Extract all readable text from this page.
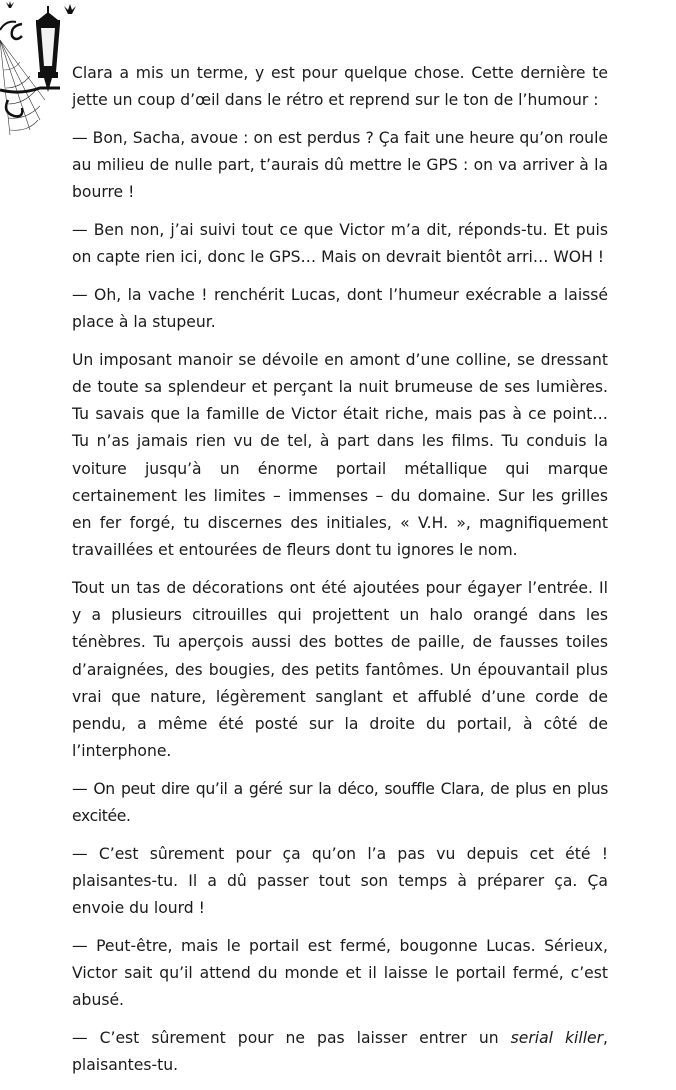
Clara a mis un terme, y est pour quelque chose. Cette dernière te jette un coup d’œil dans le rétro et reprend sur le ton de l’humour :

— Bon, Sacha, avoue : on est perdus ? Ça fait une heure qu’on roule au milieu de nulle part, t’aurais dû mettre le GPS : on va arriver à la bourre !

— Ben non, j’ai suivi tout ce que Victor m’a dit, réponds-tu. Et puis on capte rien ici, donc le GPS… Mais on devrait bientôt arri… WOH !

— Oh, la vache ! renchérit Lucas, dont l’humeur exécrable a laissé place à la stupeur.

Un imposant manoir se dévoile en amont d’une colline, se dressant de toute sa splendeur et perçant la nuit brumeuse de ses lumières. Tu savais que la famille de Victor était riche, mais pas à ce point… Tu n’as jamais rien vu de tel, à part dans les films. Tu conduis la voiture jusqu’à un énorme portail métallique qui marque certainement les limites – immenses – du domaine. Sur les grilles en fer forgé, tu discernes des initiales, « V.H. », magnifiquement travaillées et entourées de fleurs dont tu ignores le nom.

Tout un tas de décorations ont été ajoutées pour égayer l’entrée. Il y a plusieurs citrouilles qui projettent un halo orangé dans les ténèbres. Tu aperçois aussi des bottes de paille, de fausses toiles d’araignées, des bougies, des petits fantômes. Un épouvantail plus vrai que nature, légèrement sanglant et affublé d’une corde de pendu, a même été posté sur la droite du portail, à côté de l’interphone.

— On peut dire qu’il a géré sur la déco, souffle Clara, de plus en plus excitée.

— C’est sûrement pour ça qu’on l’a pas vu depuis cet été ! plaisantes-tu. Il a dû passer tout son temps à préparer ça. Ça envoie du lourd !

— Peut-être, mais le portail est fermé, bougonne Lucas. Sérieux, Victor sait qu’il attend du monde et il laisse le portail fermé, c’est abusé.

— C’est sûrement pour ne pas laisser entrer un serial killer, plaisantes-tu.
